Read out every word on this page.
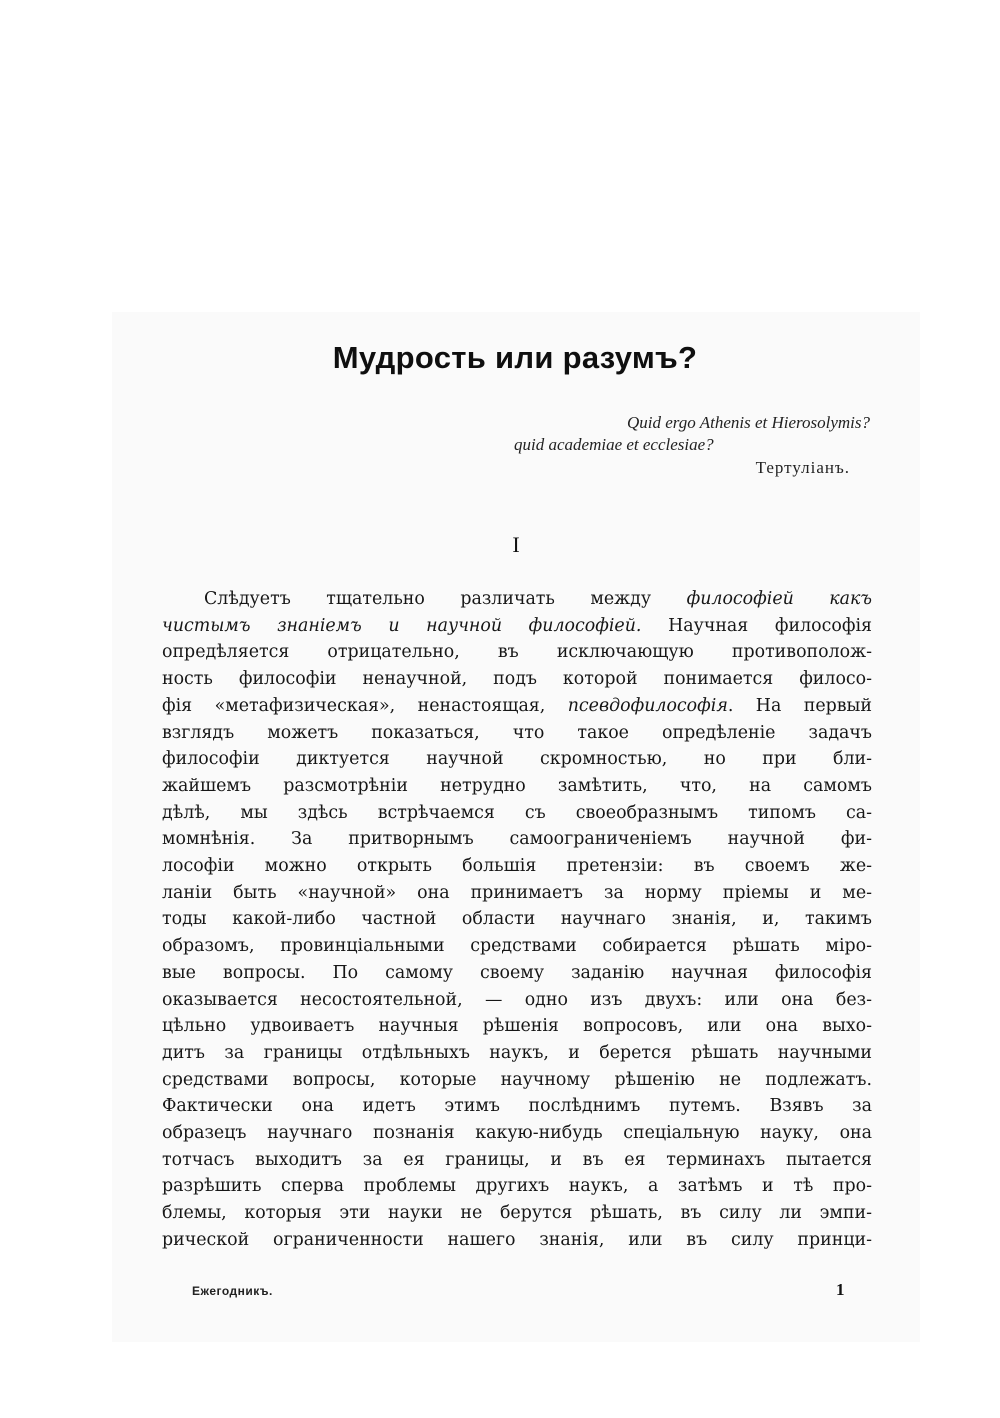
Мудрость или разумъ?
Quid ergo Athenis et Hierosolymis?
quid academiae et ecclesiae?
Тертуліанъ.
I
Слѣдуетъ тщательно различать между философіей какъ
чистымъ знаніемъ и научной философіей. Научная философія
опредѣляется отрицательно, въ исключающую противополож-
ность философіи ненаучной, подъ которой понимается филосо-
фія «метафизическая», ненастоящая, псевдофилософія. На первый
взглядъ можетъ показаться, что такое опредѣленіе задачъ
философіи диктуется научной скромностью, но при бли-
жайшемъ разсмотрѣніи нетрудно замѣтить, что, на самомъ
дѣлѣ, мы здѣсь встрѣчаемся съ своеобразнымъ типомъ са-
момнѣнія. За притворнымъ самоограниченіемъ научной фи-
лософіи можно открыть большія претензіи: въ своемъ же-
ланіи быть «научной» она принимаетъ за норму пріемы и ме-
тоды какой-либо частной области научнаго знанія, и, такимъ
образомъ, провинціальными средствами собирается рѣшать міро-
вые вопросы. По самому своему заданію научная философія
оказывается несостоятельной, — одно изъ двухъ: или она без-
цѣльно удвоиваетъ научныя рѣшенія вопросовъ, или она выхо-
дитъ за границы отдѣльныхъ наукъ, и берется рѣшать научными
средствами вопросы, которые научному рѣшенію не подлежатъ.
Фактически она идетъ этимъ послѣднимъ путемъ. Взявъ за
образецъ научнаго познанія какую-нибудь спеціальную науку, она
тотчасъ выходитъ за ея границы, и въ ея терминахъ пытается
разрѣшить сперва проблемы другихъ наукъ, а затѣмъ и тѣ про-
блемы, которыя эти науки не берутся рѣшать, въ силу ли эмпи-
рической ограниченности нашего знанія, или въ силу принци-
Ежегодникъ.	1
